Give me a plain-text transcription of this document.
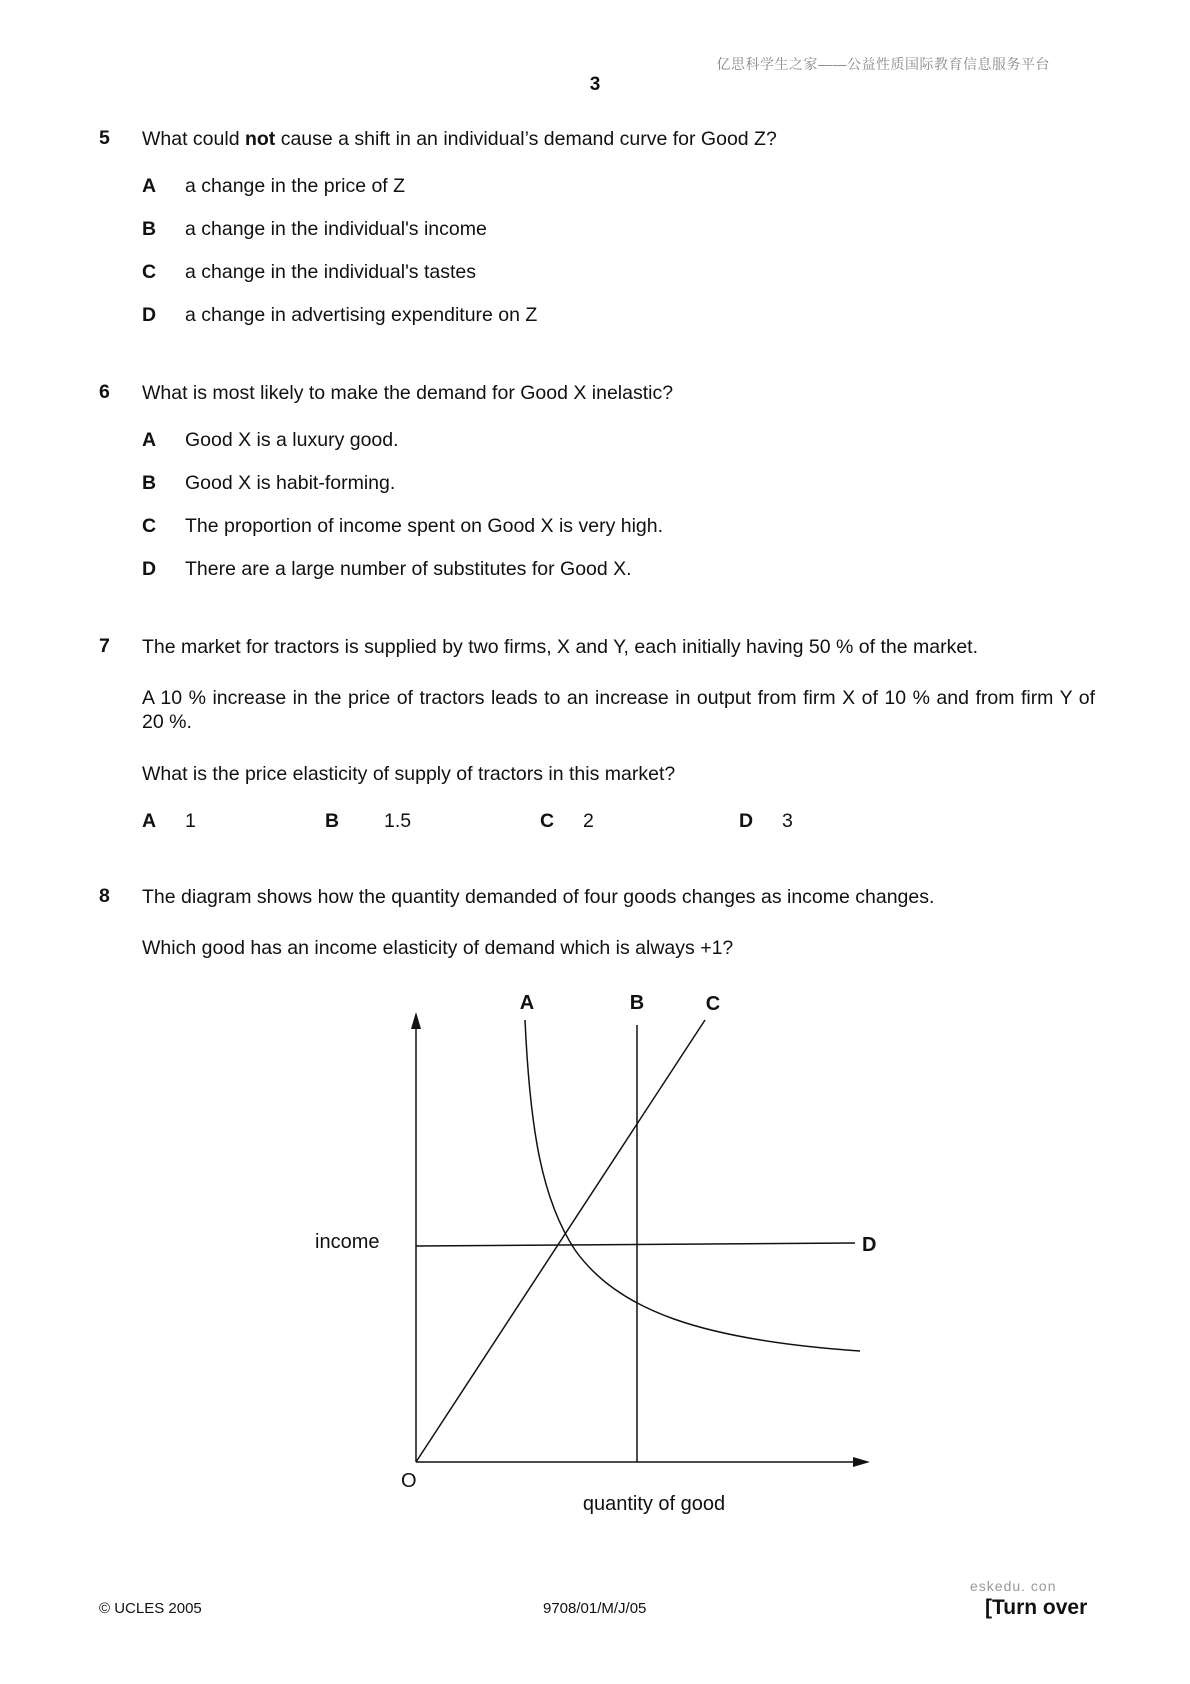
亿思科学生之家——公益性质国际教育信息服务平台
3
5 What could not cause a shift in an individual’s demand curve for Good Z?
A a change in the price of Z
B a change in the individual's income
C a change in the individual's tastes
D a change in advertising expenditure on Z
6 What is most likely to make the demand for Good X inelastic?
A Good X is a luxury good.
B Good X is habit-forming.
C The proportion of income spent on Good X is very high.
D There are a large number of substitutes for Good X.
7 The market for tractors is supplied by two firms, X and Y, each initially having 50 % of the market.
A 10 % increase in the price of tractors leads to an increase in output from firm X of 10 % and from firm Y of 20 %.
What is the price elasticity of supply of tractors in this market?
A 1	B 1.5	C 2	D 3
8 The diagram shows how the quantity demanded of four goods changes as income changes.
Which good has an income elasticity of demand which is always +1?
A	B	C
D
income
O
quantity of good
eskedu. con
© UCLES 2005	9708/01/M/J/05	[Turn over
